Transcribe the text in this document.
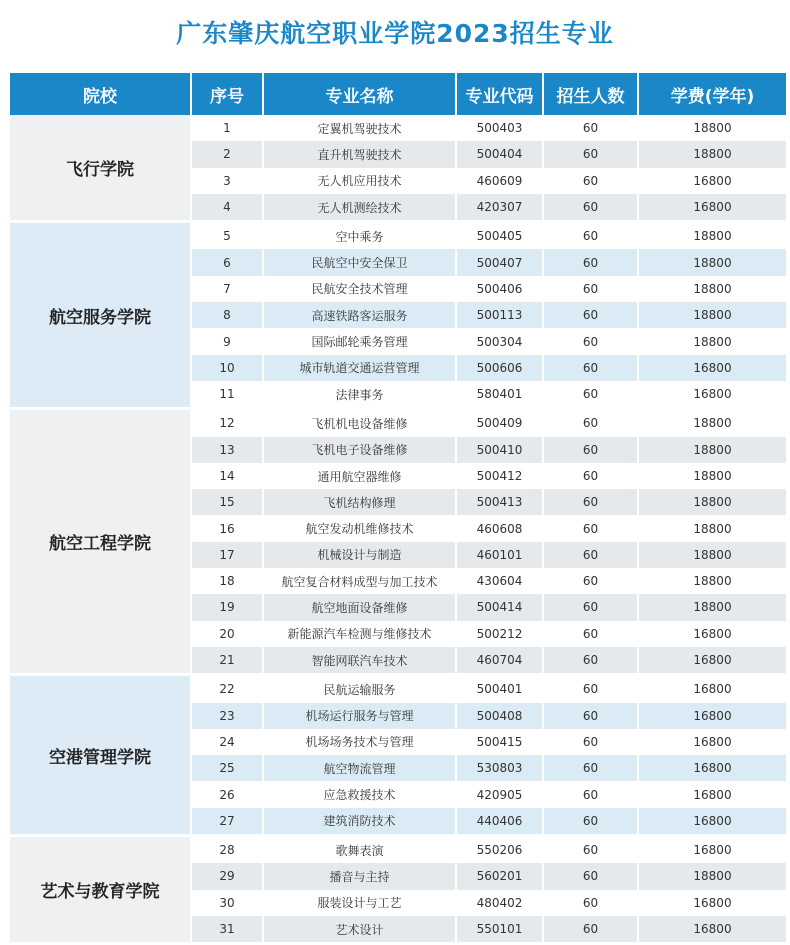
广东肇庆航空职业学院2023招生专业
院校	序号	专业名称	专业代码	招生人数	学费(学年)
飞行学院	1	定翼机驾驶技术	500403	60	18800
	2	直升机驾驶技术	500404	60	18800
	3	无人机应用技术	460609	60	16800
	4	无人机测绘技术	420307	60	16800
航空服务学院	5	空中乘务	500405	60	18800
	6	民航空中安全保卫	500407	60	18800
	7	民航安全技术管理	500406	60	18800
	8	高速铁路客运服务	500113	60	18800
	9	国际邮轮乘务管理	500304	60	18800
	10	城市轨道交通运营管理	500606	60	16800
	11	法律事务	580401	60	16800
航空工程学院	12	飞机机电设备维修	500409	60	18800
	13	飞机电子设备维修	500410	60	18800
	14	通用航空器维修	500412	60	18800
	15	飞机结构修理	500413	60	18800
	16	航空发动机维修技术	460608	60	18800
	17	机械设计与制造	460101	60	18800
	18	航空复合材料成型与加工技术	430604	60	18800
	19	航空地面设备维修	500414	60	18800
	20	新能源汽车检测与维修技术	500212	60	16800
	21	智能网联汽车技术	460704	60	16800
空港管理学院	22	民航运输服务	500401	60	16800
	23	机场运行服务与管理	500408	60	16800
	24	机场场务技术与管理	500415	60	16800
	25	航空物流管理	530803	60	16800
	26	应急救援技术	420905	60	16800
	27	建筑消防技术	440406	60	16800
艺术与教育学院	28	歌舞表演	550206	60	16800
	29	播音与主持	560201	60	18800
	30	服装设计与工艺	480402	60	16800
	31	艺术设计	550101	60	16800
